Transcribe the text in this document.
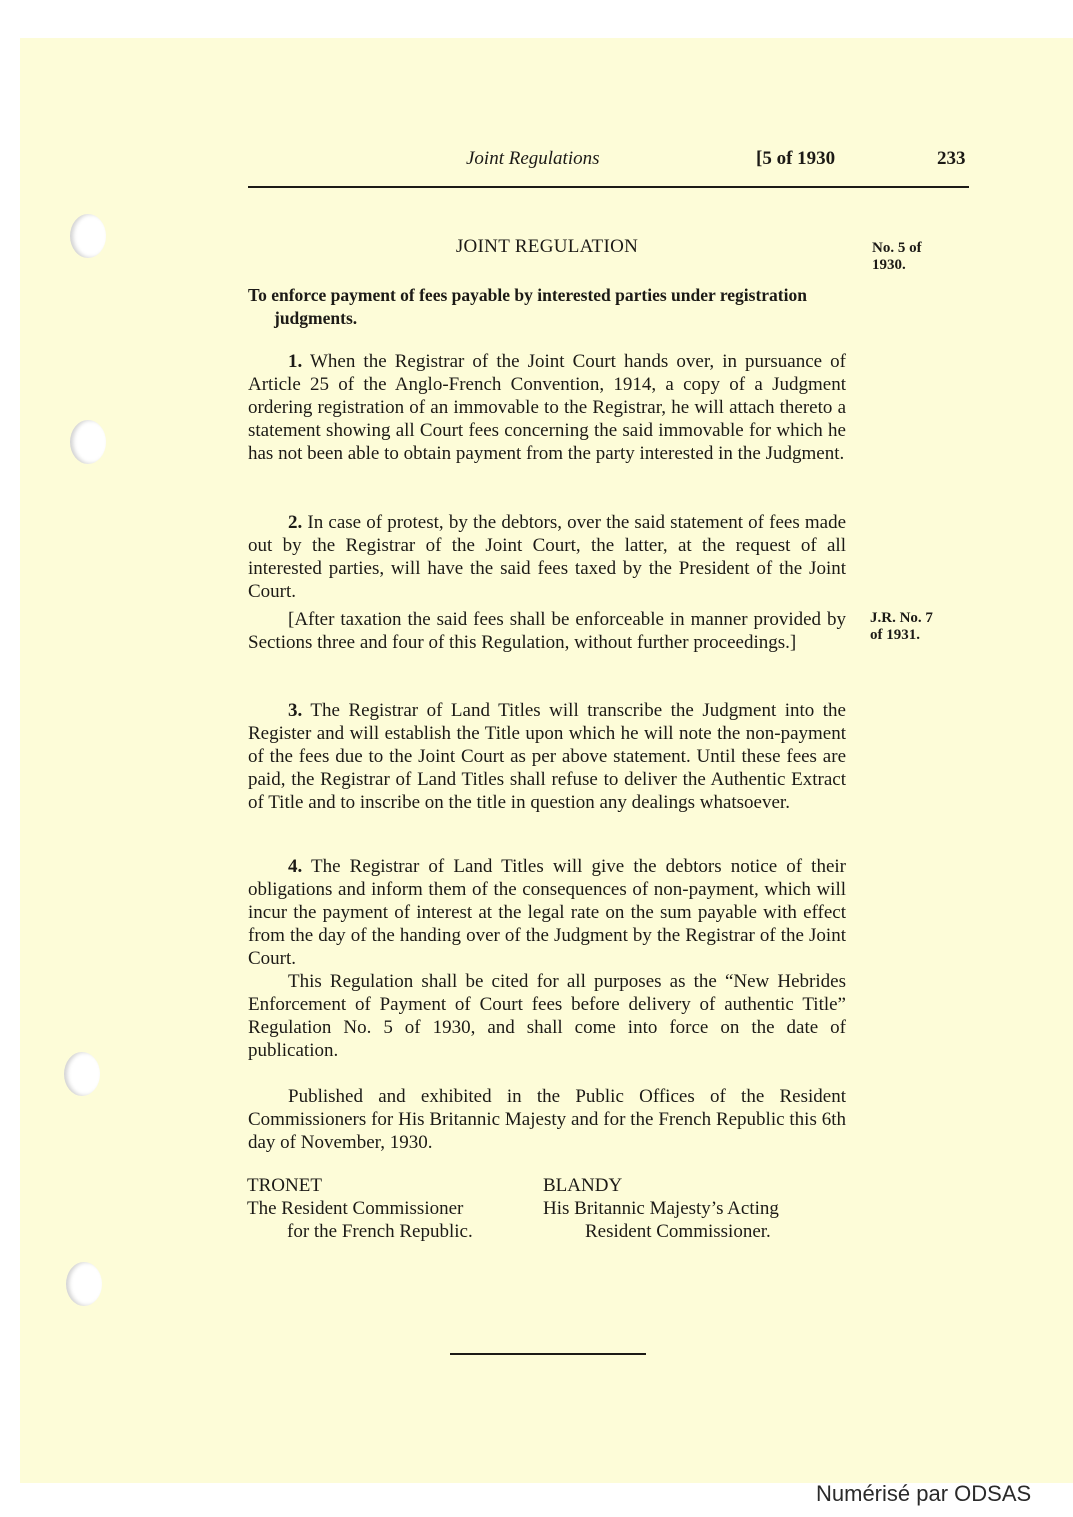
Joint Regulations	[5 of 1930	233
JOINT REGULATION	No. 5 of
1930.
To enforce payment of fees payable by interested parties under registration judgments.
1. When the Registrar of the Joint Court hands over, in pursuance of Article 25 of the Anglo-French Convention, 1914, a copy of a Judgment ordering registration of an immovable to the Registrar, he will attach thereto a statement showing all Court fees concerning the said immovable for which he has not been able to obtain payment from the party interested in the Judgment.
2. In case of protest, by the debtors, over the said statement of fees made out by the Registrar of the Joint Court, the latter, at the request of all interested parties, will have the said fees taxed by the President of the Joint Court.
[After taxation the said fees shall be enforceable in manner provided by Sections three and four of this Regulation, without further proceedings.]
J.R. No. 7
of 1931.
3. The Registrar of Land Titles will transcribe the Judgment into the Register and will establish the Title upon which he will note the non-payment of the fees due to the Joint Court as per above statement. Until these fees are paid, the Registrar of Land Titles shall refuse to deliver the Authentic Extract of Title and to inscribe on the title in question any dealings whatsoever.
4. The Registrar of Land Titles will give the debtors notice of their obligations and inform them of the consequences of non-payment, which will incur the payment of interest at the legal rate on the sum payable with effect from the day of the handing over of the Judgment by the Registrar of the Joint Court.
This Regulation shall be cited for all purposes as the “New Hebrides Enforcement of Payment of Court fees before delivery of authentic Title” Regulation No. 5 of 1930, and shall come into force on the date of publication.
Published and exhibited in the Public Offices of the Resident Commissioners for His Britannic Majesty and for the French Republic this 6th day of November, 1930.
TRONET
The Resident Commissioner
for the French Republic.
BLANDY
His Britannic Majesty’s Acting
Resident Commissioner.
Numérisé par ODSAS
